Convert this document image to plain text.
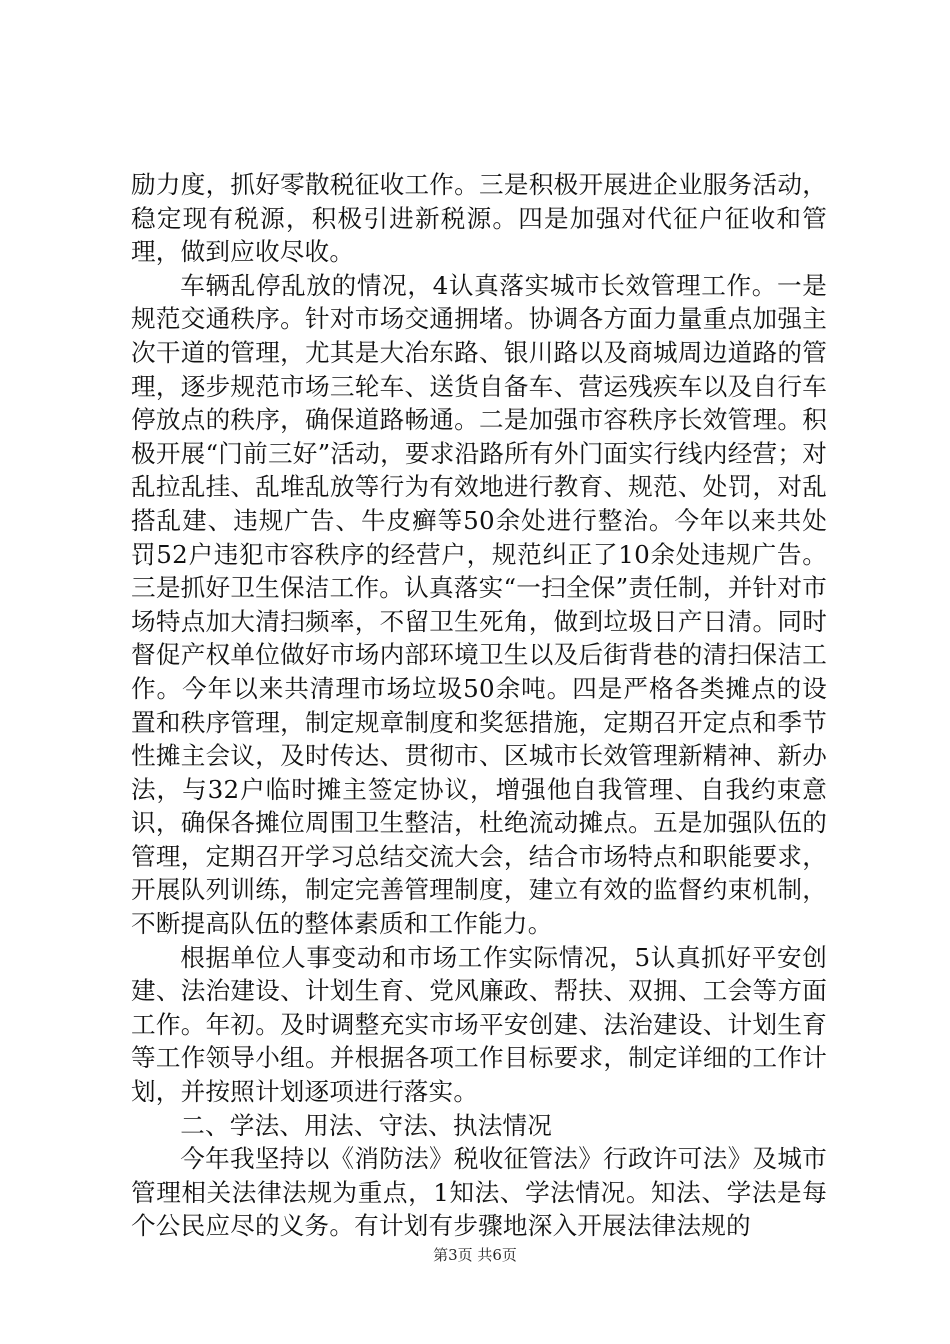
励力度，抓好零散税征收工作。三是积极开展进企业服务活动，稳定现有税源，积极引进新税源。四是加强对代征户征收和管理，做到应收尽收。

车辆乱停乱放的情况，4认真落实城市长效管理工作。一是规范交通秩序。针对市场交通拥堵。协调各方面力量重点加强主次干道的管理，尤其是大冶东路、银川路以及商城周边道路的管理，逐步规范市场三轮车、送货自备车、营运残疾车以及自行车停放点的秩序，确保道路畅通。二是加强市容秩序长效管理。积极开展“门前三好”活动，要求沿路所有外门面实行线内经营；对乱拉乱挂、乱堆乱放等行为有效地进行教育、规范、处罚，对乱搭乱建、违规广告、牛皮癣等50余处进行整治。今年以来共处罚52户违犯市容秩序的经营户，规范纠正了10余处违规广告。三是抓好卫生保洁工作。认真落实“一扫全保”责任制，并针对市场特点加大清扫频率，不留卫生死角，做到垃圾日产日清。同时督促产权单位做好市场内部环境卫生以及后街背巷的清扫保洁工作。今年以来共清理市场垃圾50余吨。四是严格各类摊点的设置和秩序管理，制定规章制度和奖惩措施，定期召开定点和季节性摊主会议，及时传达、贯彻市、区城市长效管理新精神、新办法，与32户临时摊主签定协议，增强他自我管理、自我约束意识，确保各摊位周围卫生整洁，杜绝流动摊点。五是加强队伍的管理，定期召开学习总结交流大会，结合市场特点和职能要求，开展队列训练，制定完善管理制度，建立有效的监督约束机制，不断提高队伍的整体素质和工作能力。

根据单位人事变动和市场工作实际情况，5认真抓好平安创建、法治建设、计划生育、党风廉政、帮扶、双拥、工会等方面工作。年初。及时调整充实市场平安创建、法治建设、计划生育等工作领导小组。并根据各项工作目标要求，制定详细的工作计划，并按照计划逐项进行落实。

二、学法、用法、守法、执法情况

今年我坚持以《消防法》税收征管法》行政许可法》及城市管理相关法律法规为重点，1知法、学法情况。知法、学法是每个公民应尽的义务。有计划有步骤地深入开展法律法规的

第3页 共6页
